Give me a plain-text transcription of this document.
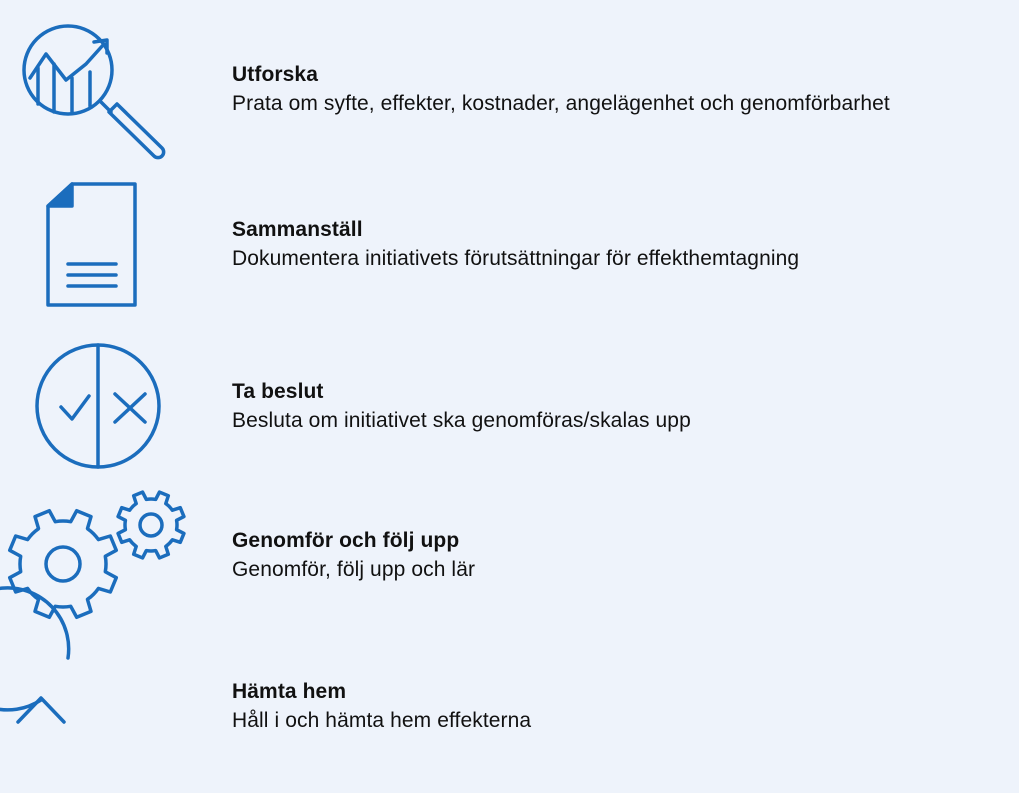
Utforska
Prata om syfte, effekter, kostnader, angelägenhet och genomförbarhet
Sammanställ
Dokumentera initiativets förutsättningar för effekthemtagning
Ta beslut
Besluta om initiativet ska genomföras/skalas upp
Genomför och följ upp
Genomför, följ upp och lär
Hämta hem
Håll i och hämta hem effekterna
